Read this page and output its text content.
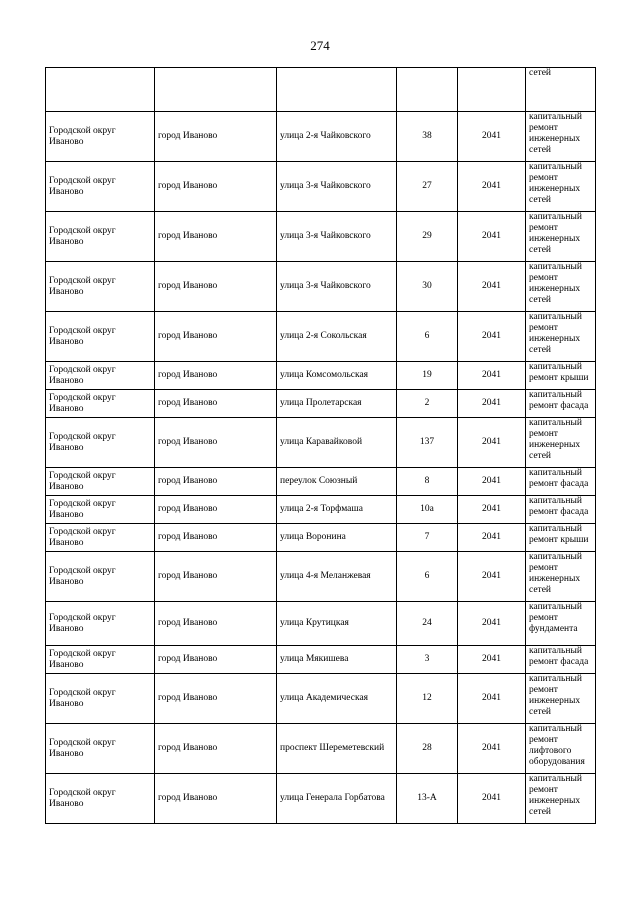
274
					сетей
Городской округ Иваново	город Иваново	улица 2-я Чайковского	38	2041	капитальный ремонт инженерных сетей
Городской округ Иваново	город Иваново	улица 3-я Чайковского	27	2041	капитальный ремонт инженерных сетей
Городской округ Иваново	город Иваново	улица 3-я Чайковского	29	2041	капитальный ремонт инженерных сетей
Городской округ Иваново	город Иваново	улица 3-я Чайковского	30	2041	капитальный ремонт инженерных сетей
Городской округ Иваново	город Иваново	улица 2-я Сокольская	6	2041	капитальный ремонт инженерных сетей
Городской округ Иваново	город Иваново	улица Комсомольская	19	2041	капитальный ремонт крыши
Городской округ Иваново	город Иваново	улица Пролетарская	2	2041	капитальный ремонт фасада
Городской округ Иваново	город Иваново	улица Каравайковой	137	2041	капитальный ремонт инженерных сетей
Городской округ Иваново	город Иваново	переулок Союзный	8	2041	капитальный ремонт фасада
Городской округ Иваново	город Иваново	улица 2-я Торфмаша	10а	2041	капитальный ремонт фасада
Городской округ Иваново	город Иваново	улица Воронина	7	2041	капитальный ремонт крыши
Городской округ Иваново	город Иваново	улица 4-я Меланжевая	6	2041	капитальный ремонт инженерных сетей
Городской округ Иваново	город Иваново	улица Крутицкая	24	2041	капитальный ремонт фундамента
Городской округ Иваново	город Иваново	улица Мякишева	3	2041	капитальный ремонт фасада
Городской округ Иваново	город Иваново	улица Академическая	12	2041	капитальный ремонт инженерных сетей
Городской округ Иваново	город Иваново	проспект Шереметевский	28	2041	капитальный ремонт лифтового оборудования
Городской округ Иваново	город Иваново	улица Генерала Горбатова	13-А	2041	капитальный ремонт инженерных сетей
